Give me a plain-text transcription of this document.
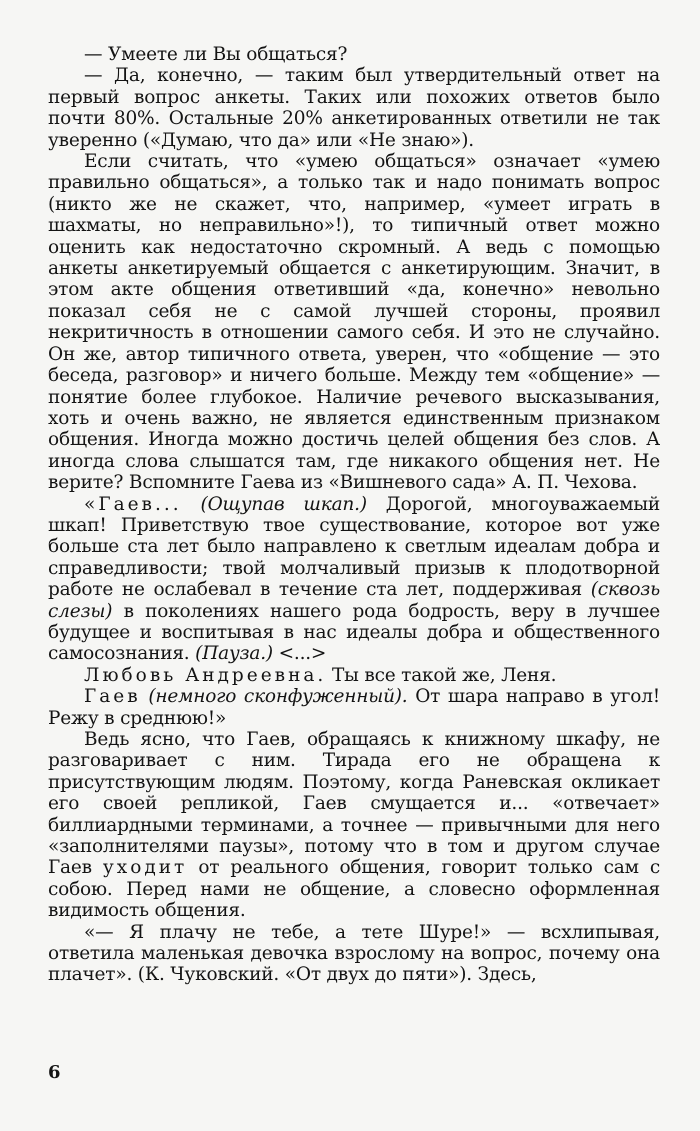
— Умеете ли Вы общаться?

— Да, конечно, — таким был утвердительный ответ на первый вопрос анкеты. Таких или похожих ответов было почти 80%. Остальные 20% анкетированных ответили не так уверенно («Думаю, что да» или «Не знаю»).

Если считать, что «умею общаться» означает «умею правильно общаться», а только так и надо понимать вопрос (никто же не скажет, что, например, «умеет играть в шахматы, но неправильно»!), то типичный ответ можно оценить как недостаточно скромный. А ведь с помощью анкеты анкетируемый общается с анкетирующим. Значит, в этом акте общения ответивший «да, конечно» невольно показал себя не с самой лучшей стороны, проявил некритичность в отношении самого себя. И это не случайно. Он же, автор типичного ответа, уверен, что «общение — это беседа, разговор» и ничего больше. Между тем «общение» — понятие более глубокое. Наличие речевого высказывания, хоть и очень важно, не является единственным признаком общения. Иногда можно достичь целей общения без слов. А иногда слова слышатся там, где никакого общения нет. Не верите? Вспомните Гаева из «Вишневого сада» А. П. Чехова.

«Гаев... (Ощупав шкап.) Дорогой, многоуважаемый шкап! Приветствую твое существование, которое вот уже больше ста лет было направлено к светлым идеалам добра и справедливости; твой молчаливый призыв к плодотворной работе не ослабевал в течение ста лет, поддерживая (сквозь слезы) в поколениях нашего рода бодрость, веру в лучшее будущее и воспитывая в нас идеалы добра и общественного самосознания. (Пауза.) <...>

Любовь Андреевна. Ты все такой же, Леня.

Гаев (немного сконфуженный). От шара направо в угол! Режу в среднюю!»

Ведь ясно, что Гаев, обращаясь к книжному шкафу, не разговаривает с ним. Тирада его не обращена к присутствующим людям. Поэтому, когда Раневская окликает его своей репликой, Гаев смущается и... «отвечает» биллиардными терминами, а точнее — привычными для него «заполнителями паузы», потому что в том и другом случае Гаев уходит от реального общения, говорит только сам с собою. Перед нами не общение, а словесно оформленная видимость общения.

«— Я плачу не тебе, а тете Шуре!» — всхлипывая, ответила маленькая девочка взрослому на вопрос, почему она плачет». (К. Чуковский. «От двух до пяти»). Здесь,

6
